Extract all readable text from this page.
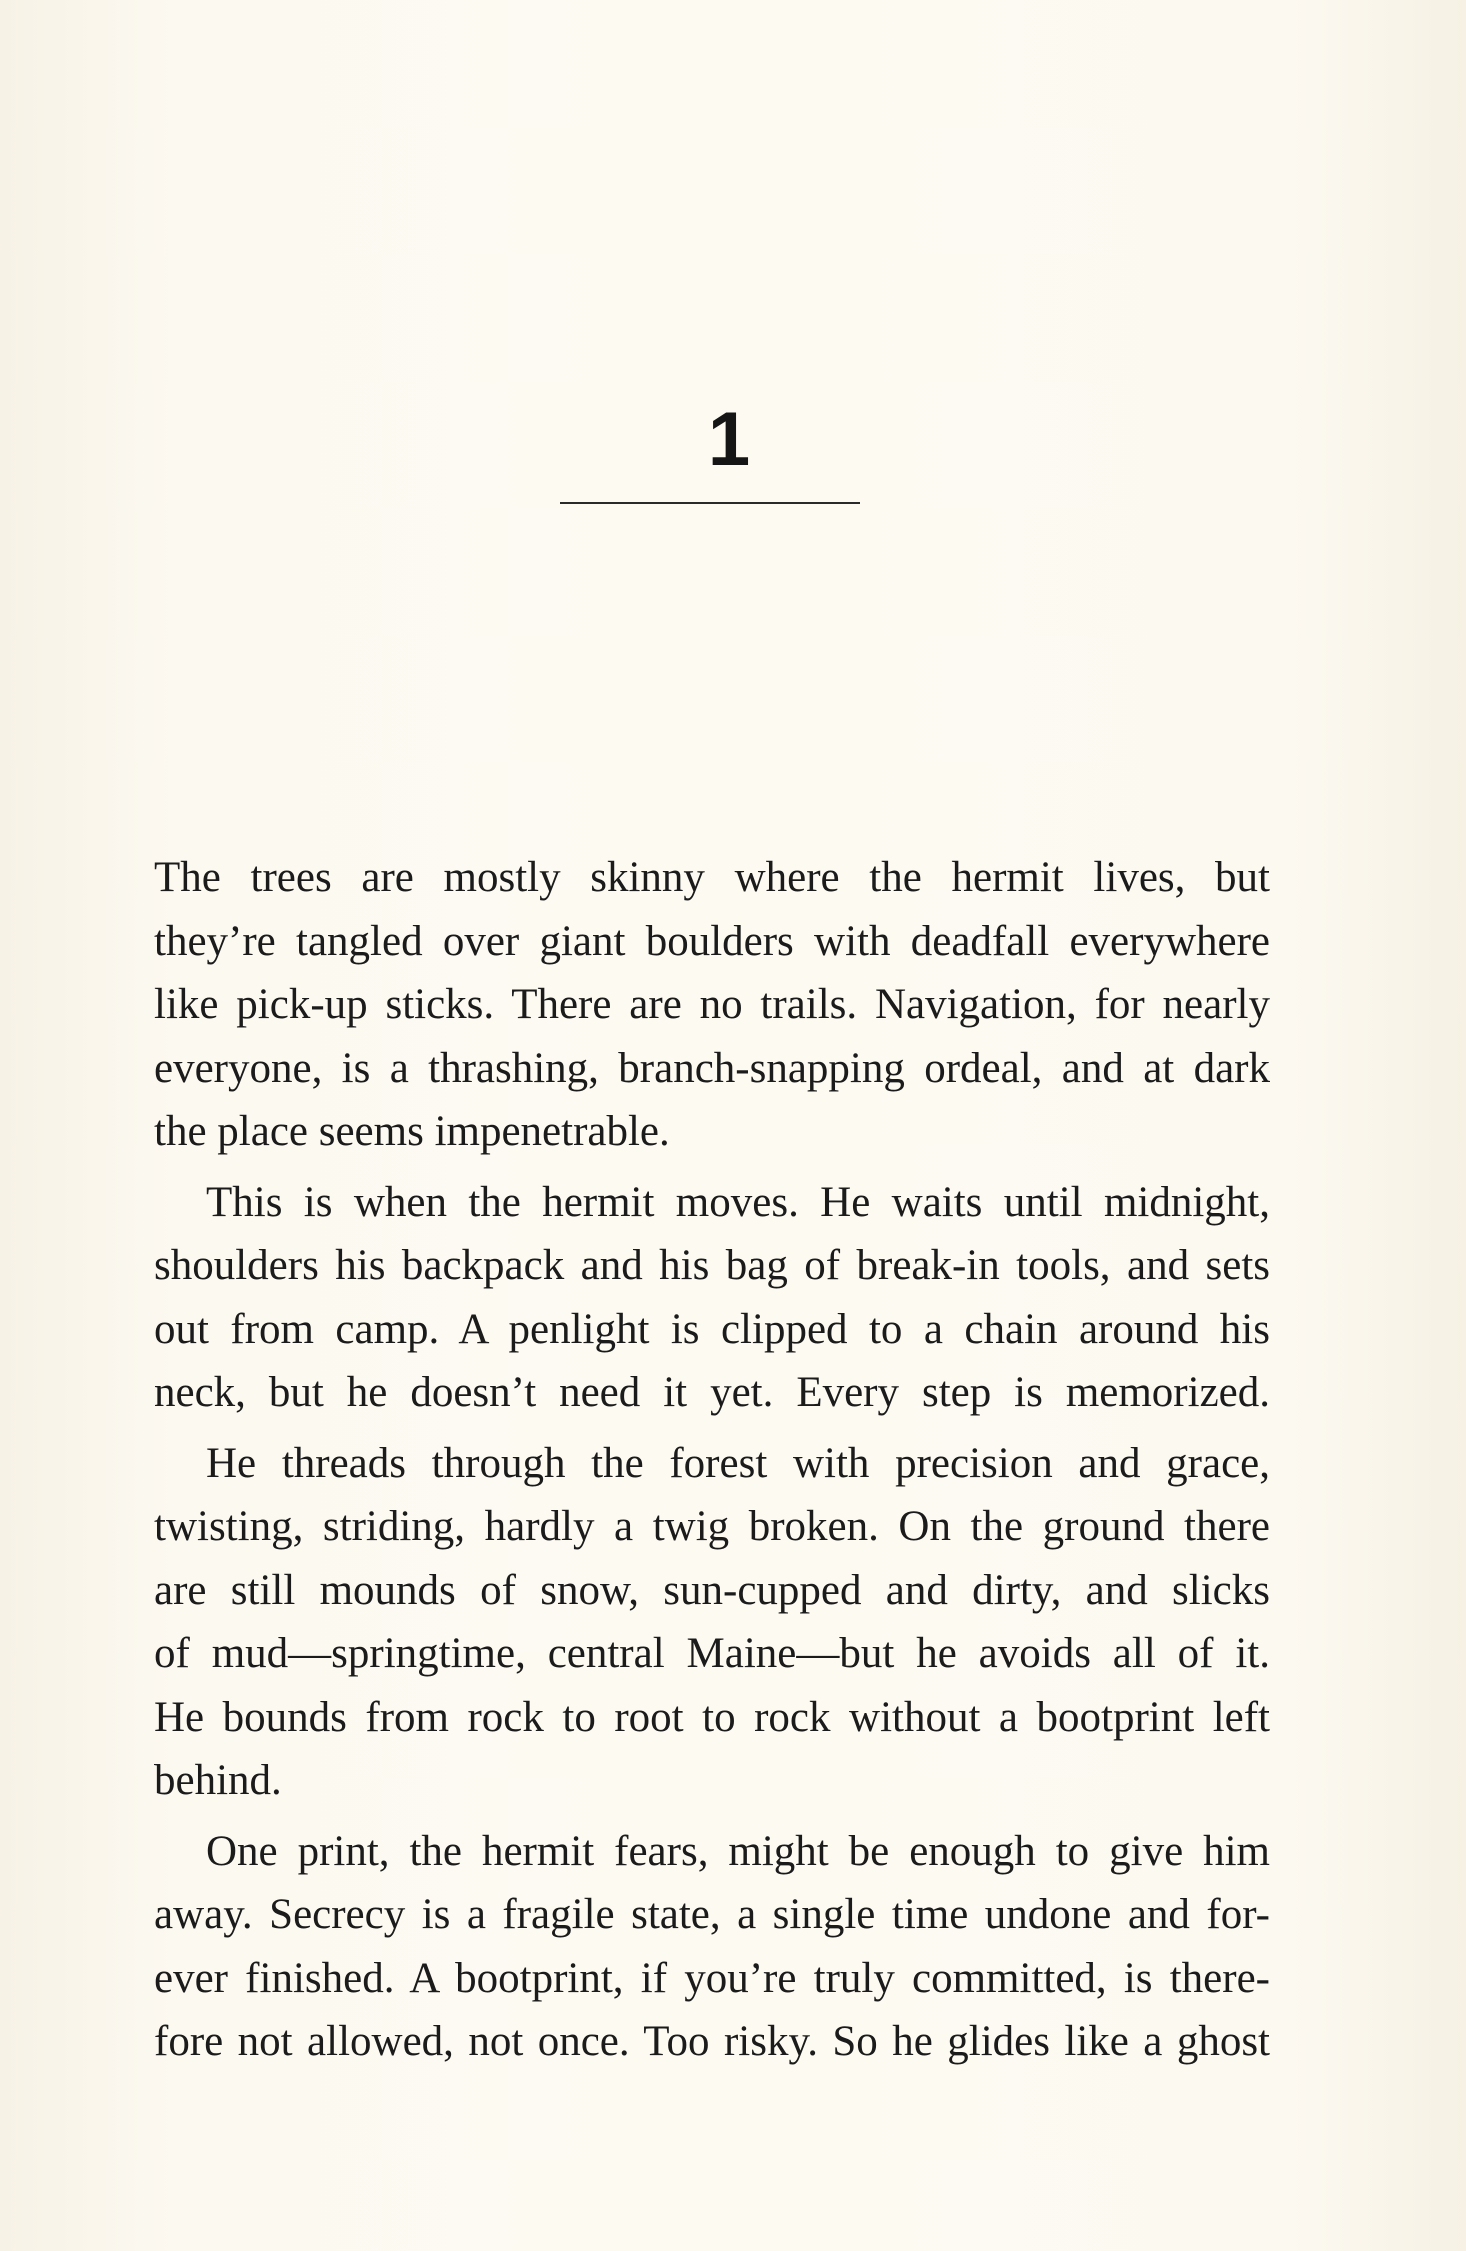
1
The trees are mostly skinny where the hermit lives, but
they’re tangled over giant boulders with deadfall everywhere
like pick-up sticks. There are no trails. Navigation, for nearly
everyone, is a thrashing, branch-snapping ordeal, and at dark
the place seems impenetrable.
This is when the hermit moves. He waits until midnight,
shoulders his backpack and his bag of break-in tools, and sets
out from camp. A penlight is clipped to a chain around his
neck, but he doesn’t need it yet. Every step is memorized.
He threads through the forest with precision and grace,
twisting, striding, hardly a twig broken. On the ground there
are still mounds of snow, sun-cupped and dirty, and slicks
of mud—springtime, central Maine—but he avoids all of it.
He bounds from rock to root to rock without a bootprint left
behind.
One print, the hermit fears, might be enough to give him
away. Secrecy is a fragile state, a single time undone and for-
ever finished. A bootprint, if you’re truly committed, is there-
fore not allowed, not once. Too risky. So he glides like a ghost
